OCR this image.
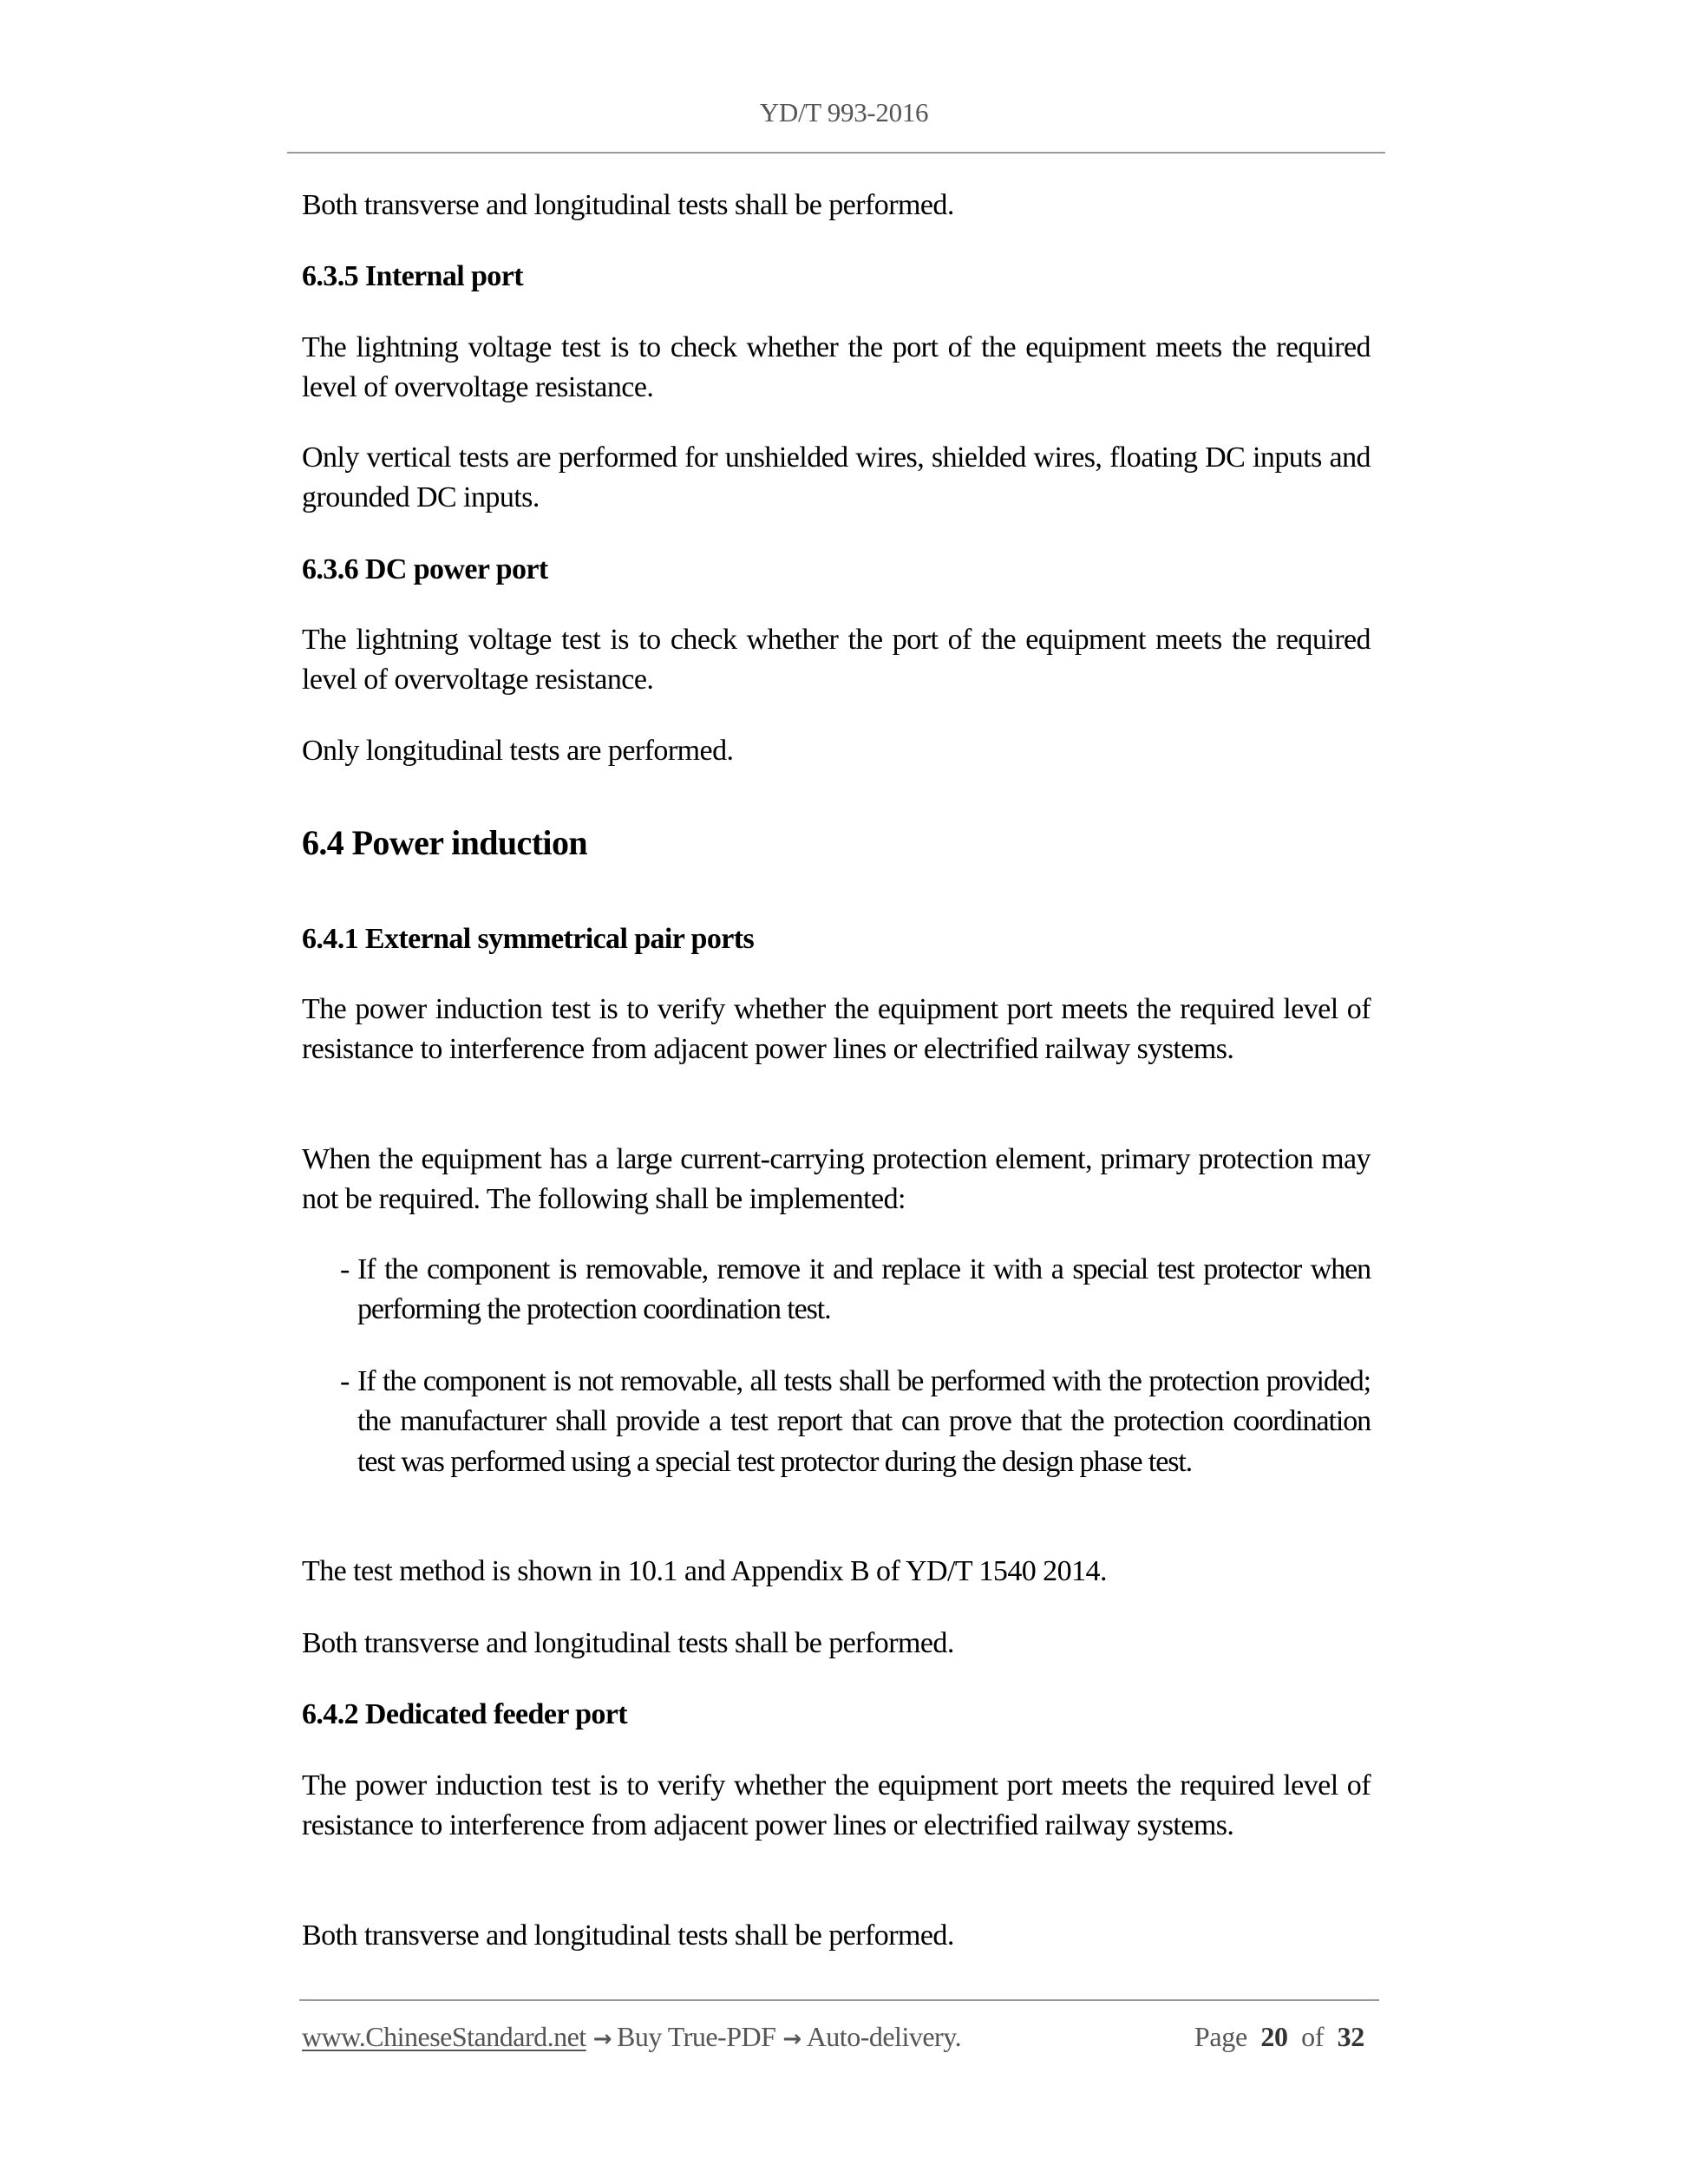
YD/T 993-2016
Both transverse and longitudinal tests shall be performed.
6.3.5 Internal port
The lightning voltage test is to check whether the port of the equipment meets the required level of overvoltage resistance.
Only vertical tests are performed for unshielded wires, shielded wires, floating DC inputs and grounded DC inputs.
6.3.6 DC power port
The lightning voltage test is to check whether the port of the equipment meets the required level of overvoltage resistance.
Only longitudinal tests are performed.
6.4 Power induction
6.4.1 External symmetrical pair ports
The power induction test is to verify whether the equipment port meets the required level of resistance to interference from adjacent power lines or electrified railway systems.
When the equipment has a large current-carrying protection element, primary protection may not be required. The following shall be implemented:
- If the component is removable, remove it and replace it with a special test protector when performing the protection coordination test.
- If the component is not removable, all tests shall be performed with the protection provided; the manufacturer shall provide a test report that can prove that the protection coordination test was performed using a special test protector during the design phase test.
The test method is shown in 10.1 and Appendix B of YD/T 1540 2014.
Both transverse and longitudinal tests shall be performed.
6.4.2 Dedicated feeder port
The power induction test is to verify whether the equipment port meets the required level of resistance to interference from adjacent power lines or electrified railway systems.
Both transverse and longitudinal tests shall be performed.
www.ChineseStandard.net → Buy True-PDF → Auto-delivery.	Page 20 of 32
